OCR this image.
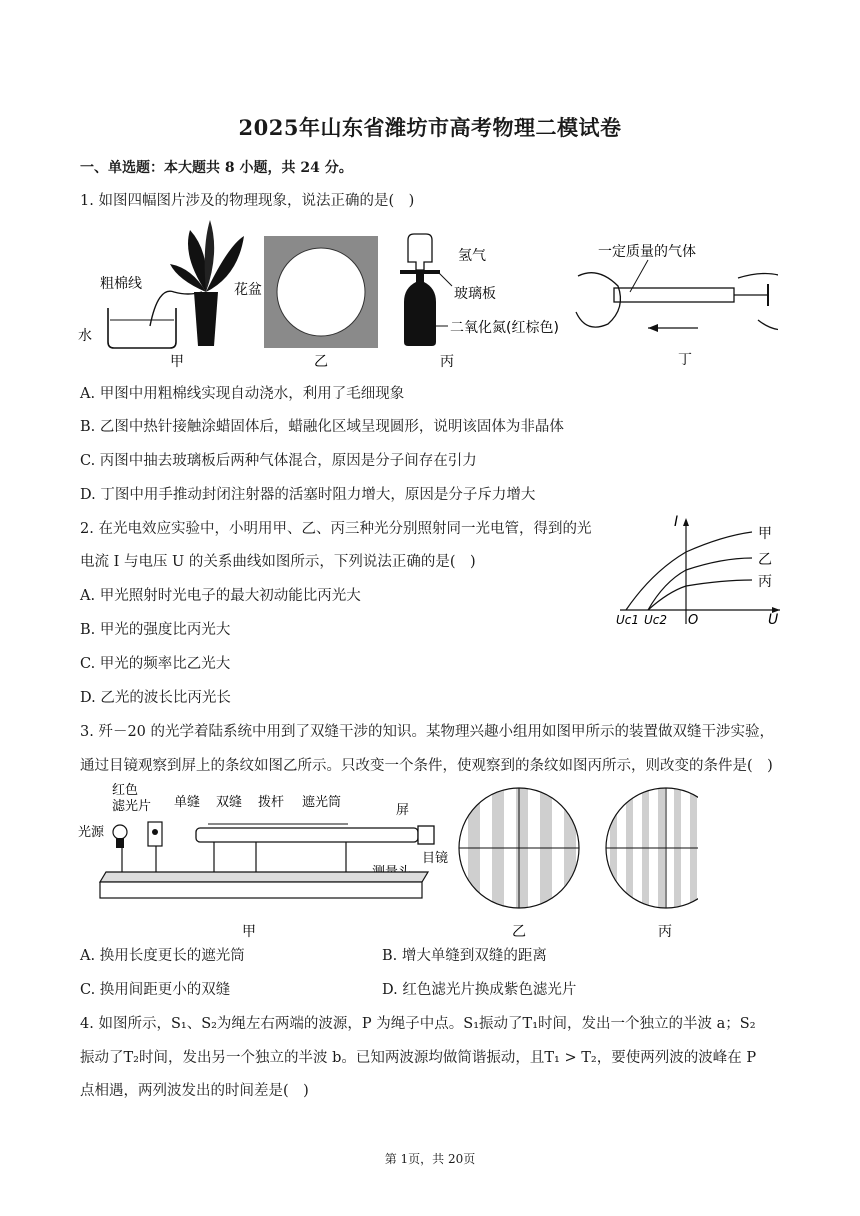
2025年山东省潍坊市高考物理二模试卷
一、单选题：本大题共 8 小题，共 24 分。
1. 如图四幅图片涉及的物理现象，说法正确的是(　)
粗棉线
水
花盆
甲	乙
氢气
玻璃板
二氧化氮(红棕色)
丙
一定质量的气体
丁
A. 甲图中用粗棉线实现自动浇水，利用了毛细现象
B. 乙图中热针接触涂蜡固体后，蜡融化区域呈现圆形，说明该固体为非晶体
C. 丙图中抽去玻璃板后两种气体混合，原因是分子间存在引力
D. 丁图中用手推动封闭注射器的活塞时阻力增大，原因是分子斥力增大
2. 在光电效应实验中，小明用甲、乙、丙三种光分别照射同一光电管，得到的光
电流 I 与电压 U 的关系曲线如图所示，下列说法正确的是(　)
I
U
O
Uc1 Uc2
甲
乙
丙
A. 甲光照射时光电子的最大初动能比丙光大
B. 甲光的强度比丙光大
C. 甲光的频率比乙光大
D. 乙光的波长比丙光长
3. 歼－20 的光学着陆系统中用到了双缝干涉的知识。某物理兴趣小组用如图甲所示的装置做双缝干涉实验，
通过目镜观察到屏上的条纹如图乙所示。只改变一个条件，使观察到的条纹如图丙所示，则改变的条件是(　)
红色
滤光片
光源
单缝 双缝 拨杆 遮光筒
屏
目镜
甲	乙	丙
A. 换用长度更长的遮光筒	B. 增大单缝到双缝的距离
C. 换用间距更小的双缝	D. 红色滤光片换成紫色滤光片
4. 如图所示，S₁、S₂为绳左右两端的波源，P 为绳子中点。S₁振动了T₁时间，发出一个独立的半波 a；S₂
振动了T₂时间，发出另一个独立的半波 b。已知两波源均做简谐振动，且T₁ > T₂，要使两列波的波峰在 P
点相遇，两列波发出的时间差是(　)
第 1页，共 20页
